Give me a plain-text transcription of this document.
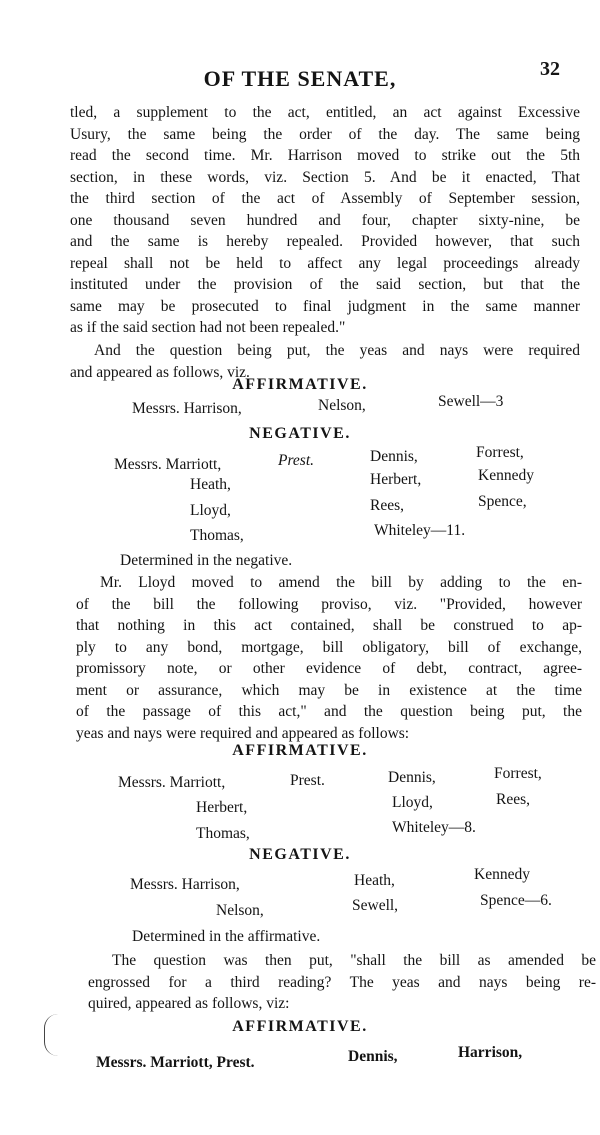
OF THE SENATE,	32
tled, a supplement to the act, entitled, an act against Excessive
Usury, the same being the order of the day. The same being
read the second time. Mr. Harrison moved to strike out the 5th
section, in these words, viz. Section 5. And be it enacted, That
the third section of the act of Assembly of September session,
one thousand seven hundred and four, chapter sixty-nine, be
and the same is hereby repealed. Provided however, that such
repeal shall not be held to affect any legal proceedings already
instituted under the provision of the said section, but that the
same may be prosecuted to final judgment in the same manner
as if the said section had not been repealed."
And the question being put, the yeas and nays were required
and appeared as follows, viz.
AFFIRMATIVE.
Messrs. Harrison,	Nelson,	Sewell—3
NEGATIVE.
Messrs. Marriott,	Prest.	Dennis,	Forrest,
Heath,	Herbert,	Kennedy
Lloyd,	Rees,	Spence,
Thomas,	Whiteley—11.
Determined in the negative.
Mr. Lloyd moved to amend the bill by adding to the en-
of the bill the following proviso, viz. "Provided, however
that nothing in this act contained, shall be construed to ap-
ply to any bond, mortgage, bill obligatory, bill of exchange,
promissory note, or other evidence of debt, contract, agree-
ment or assurance, which may be in existence at the time
of the passage of this act," and the question being put, the
yeas and nays were required and appeared as follows:
AFFIRMATIVE.
Messrs. Marriott,	Prest.	Dennis,	Forrest,
Herbert,	Lloyd,	Rees,
Thomas,	Whiteley—8.
NEGATIVE.
Messrs. Harrison,	Heath,	Kennedy
Nelson,	Sewell,	Spence—6.
Determined in the affirmative.
The question was then put, "shall the bill as amended be
engrossed for a third reading? The yeas and nays being re-
quired, appeared as follows, viz:
AFFIRMATIVE.
Messrs. Marriott, Prest.	Dennis,	Harrison,
